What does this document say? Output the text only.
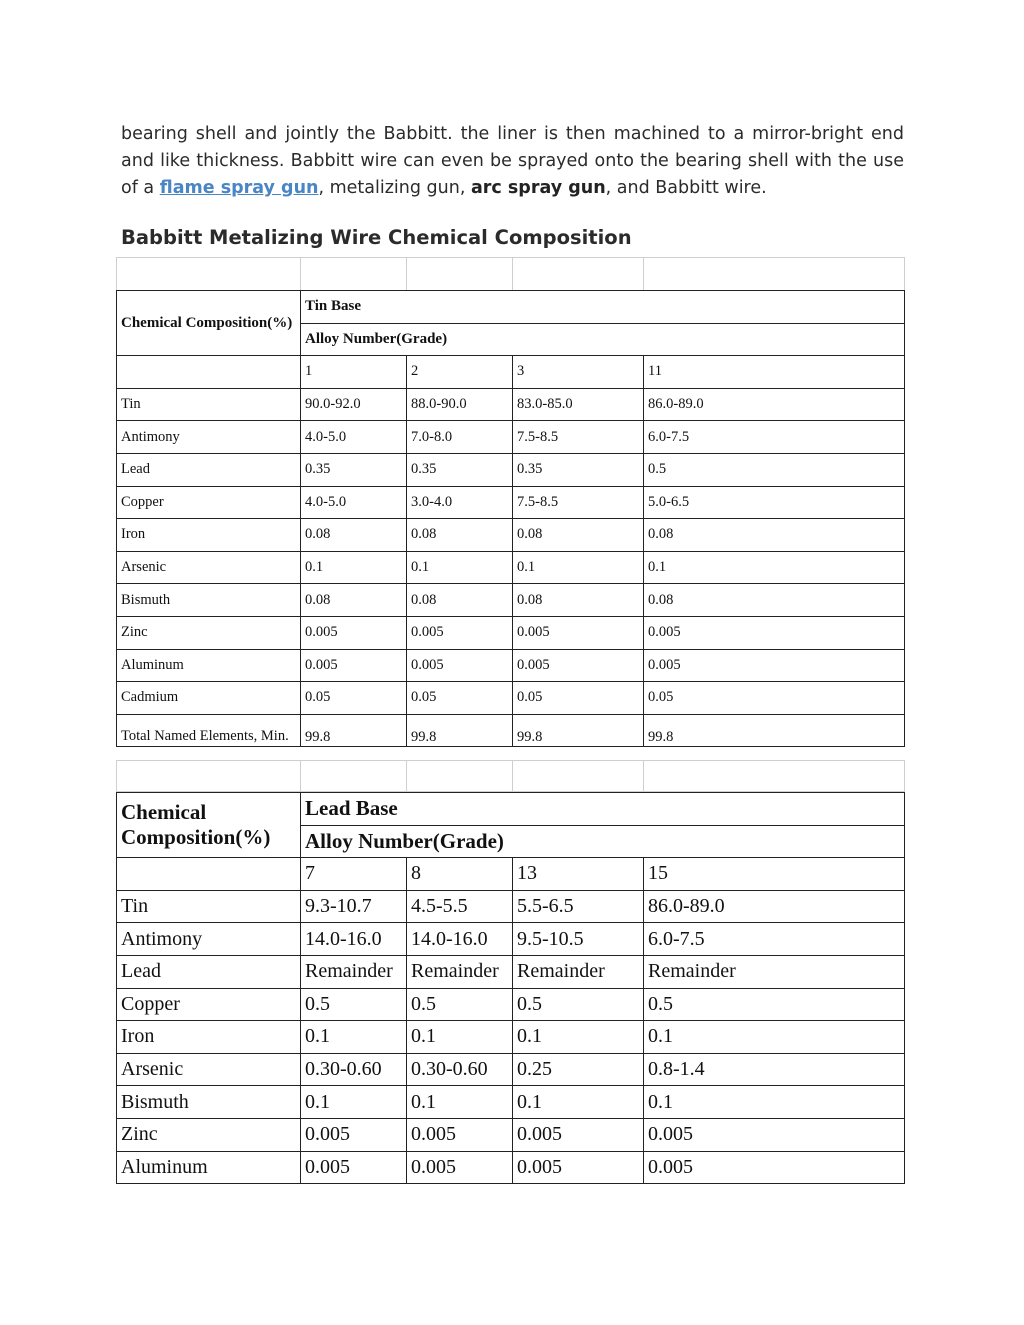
bearing shell and jointly the Babbitt. the liner is then machined to a mirror-bright end and like thickness. Babbitt wire can even be sprayed onto the bearing shell with the use of a flame spray gun, metalizing gun, arc spray gun, and Babbitt wire.

Babbitt Metalizing Wire Chemical Composition

Chemical Composition(%)	Tin Base			
	Alloy Number(Grade)			
	1	2	3	11
Tin	90.0-92.0	88.0-90.0	83.0-85.0	86.0-89.0
Antimony	4.0-5.0	7.0-8.0	7.5-8.5	6.0-7.5
Lead	0.35	0.35	0.35	0.5
Copper	4.0-5.0	3.0-4.0	7.5-8.5	5.0-6.5
Iron	0.08	0.08	0.08	0.08
Arsenic	0.1	0.1	0.1	0.1
Bismuth	0.08	0.08	0.08	0.08
Zinc	0.005	0.005	0.005	0.005
Aluminum	0.005	0.005	0.005	0.005
Cadmium	0.05	0.05	0.05	0.05
Total Named Elements, Min.	99.8	99.8	99.8	99.8

Chemical Composition(%)	Lead Base			
	Alloy Number(Grade)			
	7	8	13	15
Tin	9.3-10.7	4.5-5.5	5.5-6.5	86.0-89.0
Antimony	14.0-16.0	14.0-16.0	9.5-10.5	6.0-7.5
Lead	Remainder	Remainder	Remainder	Remainder
Copper	0.5	0.5	0.5	0.5
Iron	0.1	0.1	0.1	0.1
Arsenic	0.30-0.60	0.30-0.60	0.25	0.8-1.4
Bismuth	0.1	0.1	0.1	0.1
Zinc	0.005	0.005	0.005	0.005
Aluminum	0.005	0.005	0.005	0.005
